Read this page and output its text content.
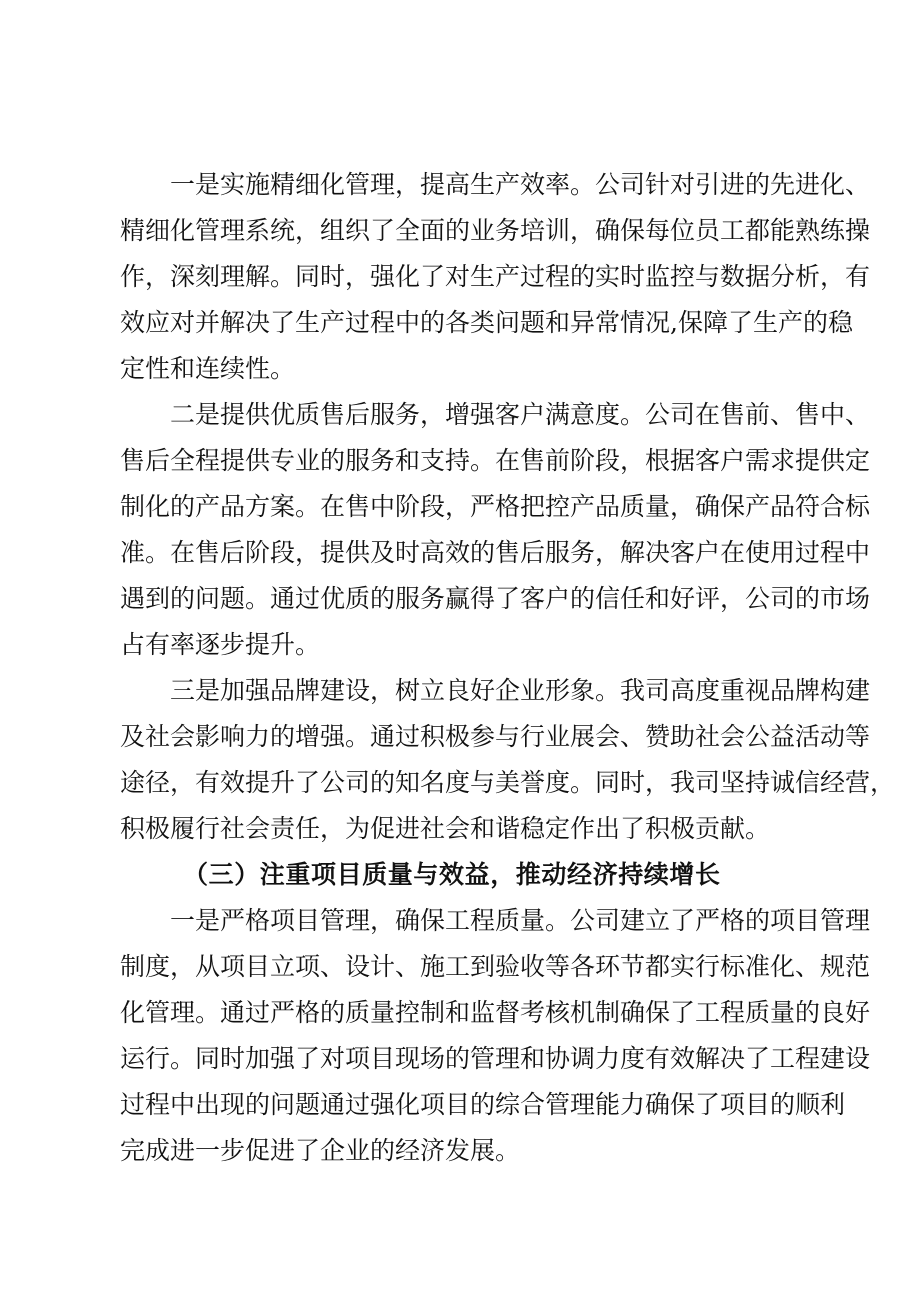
一是实施精细化管理，提高生产效率。公司针对引进的先进化、
精细化管理系统，组织了全面的业务培训，确保每位员工都能熟练操
作，深刻理解。同时，强化了对生产过程的实时监控与数据分析，有
效应对并解决了生产过程中的各类问题和异常情况,保障了生产的稳
定性和连续性。
二是提供优质售后服务，增强客户满意度。公司在售前、售中、
售后全程提供专业的服务和支持。在售前阶段，根据客户需求提供定
制化的产品方案。在售中阶段，严格把控产品质量，确保产品符合标
准。在售后阶段，提供及时高效的售后服务，解决客户在使用过程中
遇到的问题。通过优质的服务赢得了客户的信任和好评，公司的市场
占有率逐步提升。
三是加强品牌建设，树立良好企业形象。我司高度重视品牌构建
及社会影响力的增强。通过积极参与行业展会、赞助社会公益活动等
途径，有效提升了公司的知名度与美誉度。同时，我司坚持诚信经营，
积极履行社会责任，为促进社会和谐稳定作出了积极贡献。
（三）注重项目质量与效益，推动经济持续增长
一是严格项目管理，确保工程质量。公司建立了严格的项目管理
制度，从项目立项、设计、施工到验收等各环节都实行标准化、规范
化管理。通过严格的质量控制和监督考核机制确保了工程质量的良好
运行。同时加强了对项目现场的管理和协调力度有效解决了工程建设
过程中出现的问题通过强化项目的综合管理能力确保了项目的顺利
完成进一步促进了企业的经济发展。
